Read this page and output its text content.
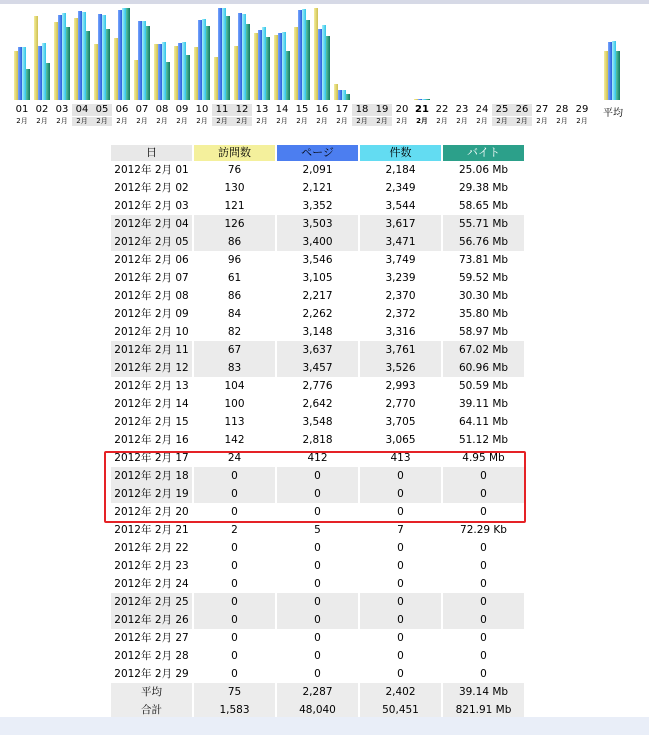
01
2月
02
2月
03
2月
04
2月
05
2月
06
2月
07
2月
08
2月
09
2月
10
2月
11
2月
12
2月
13
2月
14
2月
15
2月
16
2月
17
2月
18
2月
19
2月
20
2月
21
2月
22
2月
23
2月
24
2月
25
2月
26
2月
27
2月
28
2月
29
2月
平均
日	訪問数	ページ	件数	バイト
2012年 2月 01	76	2,091	2,184	25.06 Mb
2012年 2月 02	130	2,121	2,349	29.38 Mb
2012年 2月 03	121	3,352	3,544	58.65 Mb
2012年 2月 04	126	3,503	3,617	55.71 Mb
2012年 2月 05	86	3,400	3,471	56.76 Mb
2012年 2月 06	96	3,546	3,749	73.81 Mb
2012年 2月 07	61	3,105	3,239	59.52 Mb
2012年 2月 08	86	2,217	2,370	30.30 Mb
2012年 2月 09	84	2,262	2,372	35.80 Mb
2012年 2月 10	82	3,148	3,316	58.97 Mb
2012年 2月 11	67	3,637	3,761	67.02 Mb
2012年 2月 12	83	3,457	3,526	60.96 Mb
2012年 2月 13	104	2,776	2,993	50.59 Mb
2012年 2月 14	100	2,642	2,770	39.11 Mb
2012年 2月 15	113	3,548	3,705	64.11 Mb
2012年 2月 16	142	2,818	3,065	51.12 Mb
2012年 2月 17	24	412	413	4.95 Mb
2012年 2月 18	0	0	0	0
2012年 2月 19	0	0	0	0
2012年 2月 20	0	0	0	0
2012年 2月 21	2	5	7	72.29 Kb
2012年 2月 22	0	0	0	0
2012年 2月 23	0	0	0	0
2012年 2月 24	0	0	0	0
2012年 2月 25	0	0	0	0
2012年 2月 26	0	0	0	0
2012年 2月 27	0	0	0	0
2012年 2月 28	0	0	0	0
2012年 2月 29	0	0	0	0
平均	75	2,287	2,402	39.14 Mb
合計	1,583	48,040	50,451	821.91 Mb
